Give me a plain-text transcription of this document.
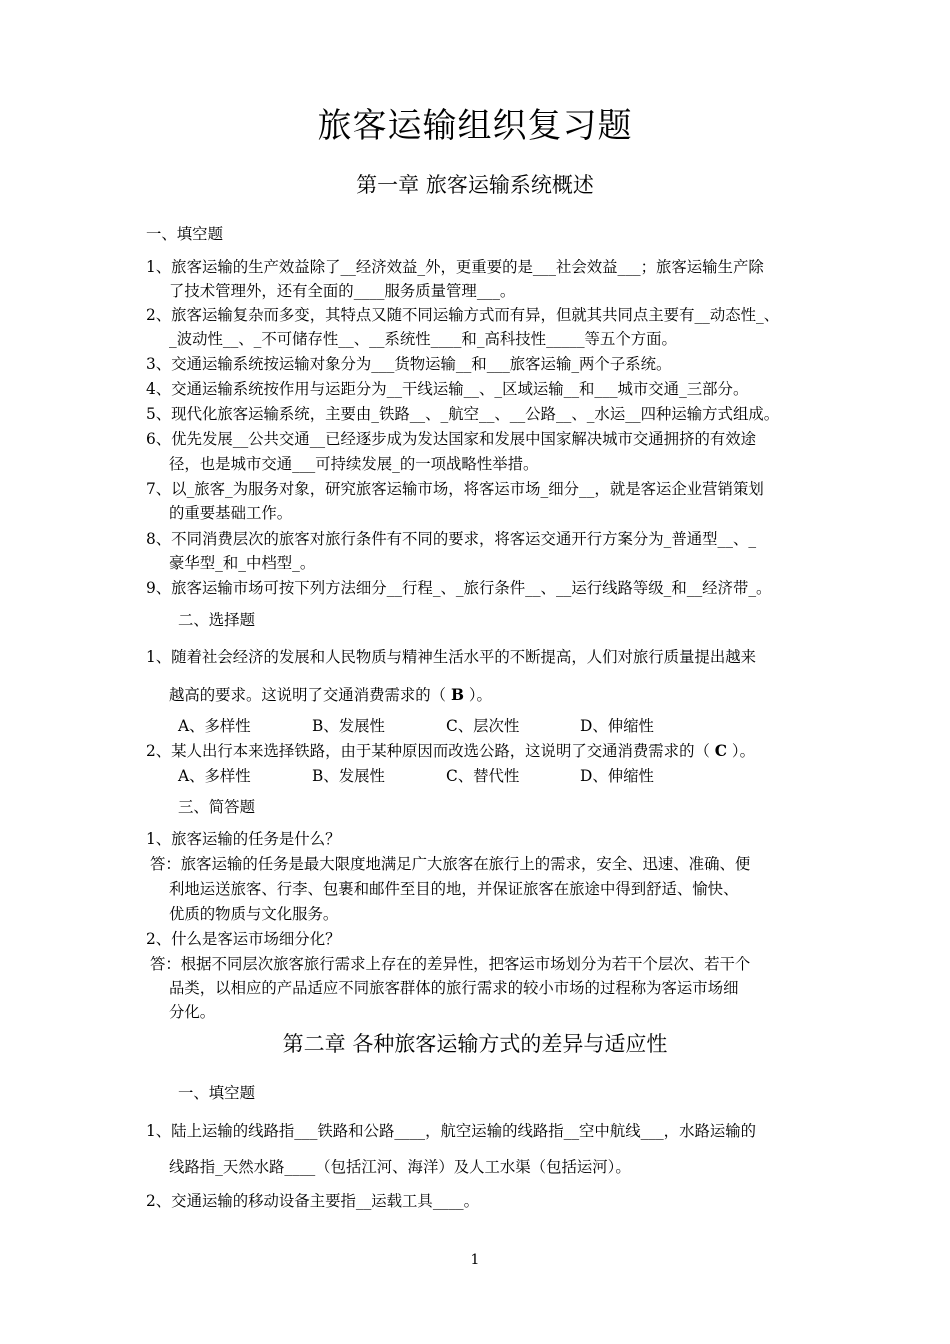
旅客运输组织复习题
第一章 旅客运输系统概述
一、填空题
1、旅客运输的生产效益除了__经济效益_外，更重要的是___社会效益___；旅客运输生产除
了技术管理外，还有全面的____服务质量管理___。
2、旅客运输复杂而多变，其特点又随不同运输方式而有异，但就其共同点主要有__动态性_、
_波动性__、_不可储存性__、__系统性____和_高科技性_____等五个方面。
3、交通运输系统按运输对象分为___货物运输__和___旅客运输_两个子系统。
4、交通运输系统按作用与运距分为__干线运输__、_区域运输__和___城市交通_三部分。
5、现代化旅客运输系统，主要由_铁路__、_航空__、__公路__、_水运__四种运输方式组成。
6、优先发展__公共交通__已经逐步成为发达国家和发展中国家解决城市交通拥挤的有效途
径，也是城市交通___可持续发展_的一项战略性举措。
7、以_旅客_为服务对象，研究旅客运输市场，将客运市场_细分__，就是客运企业营销策划
的重要基础工作。
8、不同消费层次的旅客对旅行条件有不同的要求，将客运交通开行方案分为_普通型__、_
豪华型_和_中档型_。
9、旅客运输市场可按下列方法细分__行程_、_旅行条件__、__运行线路等级_和__经济带_。
二、选择题
1、随着社会经济的发展和人民物质与精神生活水平的不断提高，人们对旅行质量提出越来
越高的要求。这说明了交通消费需求的（ B ）。
A、多样性	B、发展性	C、层次性	D、伸缩性
2、某人出行本来选择铁路，由于某种原因而改选公路，这说明了交通消费需求的（ C ）。
A、多样性	B、发展性	C、替代性	D、伸缩性
三、简答题
1、旅客运输的任务是什么？
答：旅客运输的任务是最大限度地满足广大旅客在旅行上的需求，安全、迅速、准确、便
利地运送旅客、行李、包裹和邮件至目的地，并保证旅客在旅途中得到舒适、愉快、
优质的物质与文化服务。
2、什么是客运市场细分化？
答：根据不同层次旅客旅行需求上存在的差异性，把客运市场划分为若干个层次、若干个
品类，以相应的产品适应不同旅客群体的旅行需求的较小市场的过程称为客运市场细
分化。
第二章 各种旅客运输方式的差异与适应性
一、填空题
1、陆上运输的线路指___铁路和公路____，航空运输的线路指__空中航线___，水路运输的
线路指_天然水路____（包括江河、海洋）及人工水渠（包括运河）。
2、交通运输的移动设备主要指__运载工具____。
1
